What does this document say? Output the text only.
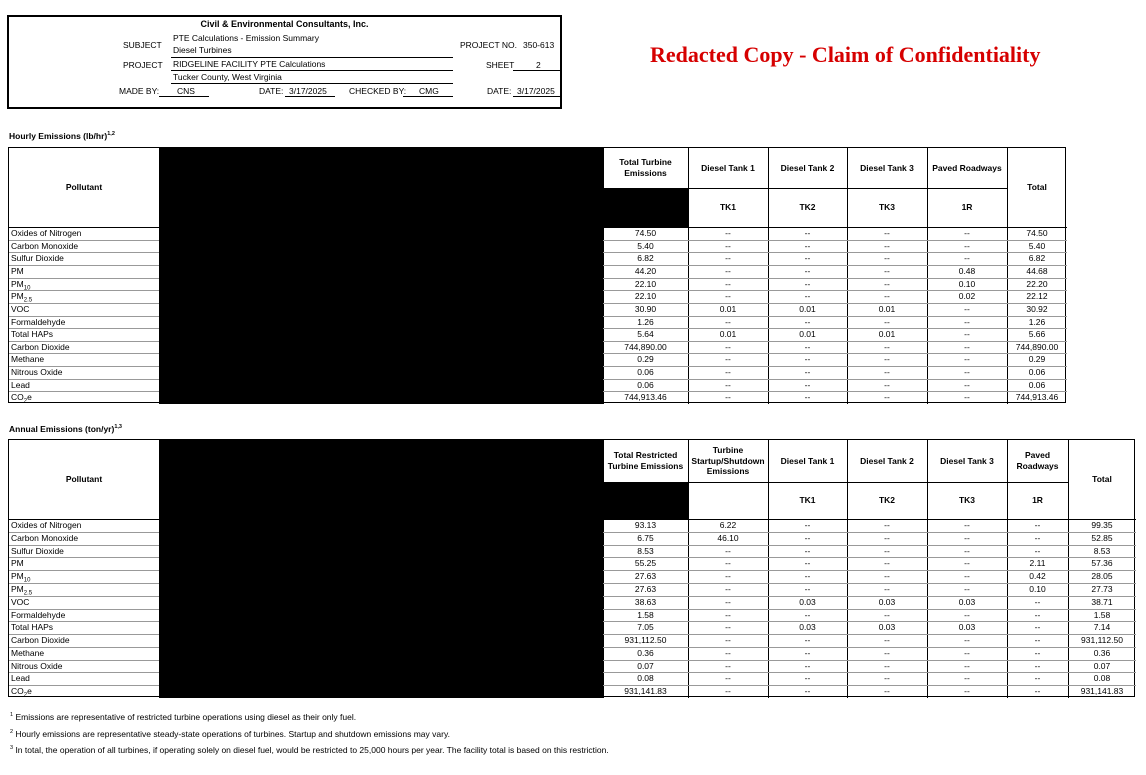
Civil & Environmental Consultants, Inc.
SUBJECT
PTE Calculations - Emission Summary
Diesel Turbines
PROJECT RIDGELINE FACILITY PTE Calculations
Tucker County, West Virginia
PROJECT NO. 350-613
SHEET	2
MADE BY: CNS	DATE: 3/17/2025	CHECKED BY: CMG	DATE: 3/17/2025
Redacted Copy - Claim of Confidentiality
Hourly Emissions $(lb/hr)^{1,2}$
Pollutant
Total Turbine Emissions
Diesel Tank 1
TK1
Diesel Tank 2
TK2
Diesel Tank 3
TK3
Paved Roadways
1R
Total
Oxides of Nitrogen	74.50	--	--	--	--	74.50
Carbon Monoxide	5.40	--	--	--	--	5.40
Sulfur Dioxide	6.82	--	--	--	--	6.82
PM	44.20	--	--	--	0.48	44.68
$PM_{10}$	22.10	--	--	--	0.10	22.20
$PM_{2.5}$	22.10	--	--	--	0.02	22.12
VOC	30.90	0.01	0.01	0.01	--	30.92
Formaldehyde	1.26	--	--	--	--	1.26
Total HAPs	5.64	0.01	0.01	0.01	--	5.66
Carbon Dioxide	744,890.00	--	--	--	--	744,890.00
Methane	0.29	--	--	--	--	0.29
Nitrous Oxide	0.06	--	--	--	--	0.06
Lead	0.06	--	--	--	--	0.06
$CO_2e$	744,913.46	--	--	--	--	744,913.46
Annual Emissions $(ton/yr)^{1,3}$
Pollutant
Total Restricted Turbine Emissions
Turbine Startup/Shutdown Emissions
Diesel Tank 1
TK1
Diesel Tank 2
TK2
Diesel Tank 3
TK3
Paved Roadways
1R
Total
Oxides of Nitrogen	93.13	6.22	--	--	--	--	99.35
Carbon Monoxide	6.75	46.10	--	--	--	--	52.85
Sulfur Dioxide	8.53	--	--	--	--	--	8.53
PM	55.25	--	--	--	--	2.11	57.36
$PM_{10}$	27.63	--	--	--	--	0.42	28.05
$PM_{2.5}$	27.63	--	--	--	--	0.10	27.73
VOC	38.63	--	0.03	0.03	0.03	--	38.71
Formaldehyde	1.58	--	--	--	--	--	1.58
Total HAPs	7.05	--	0.03	0.03	0.03	--	7.14
Carbon Dioxide	931,112.50	--	--	--	--	--	931,112.50
Methane	0.36	--	--	--	--	--	0.36
Nitrous Oxide	0.07	--	--	--	--	--	0.07
Lead	0.08	--	--	--	--	--	0.08
$CO_2e$	931,141.83	--	--	--	--	--	931,141.83
$^1$ Emissions are representative of restricted turbine operations using diesel as their only fuel.
$^2$ Hourly emissions are representative steady-state operations of turbines. Startup and shutdown emissions may vary.
$^3$ In total, the operation of all turbines, if operating solely on diesel fuel, would be restricted to 25,000 hours per year. The facility total is based on this restriction.
